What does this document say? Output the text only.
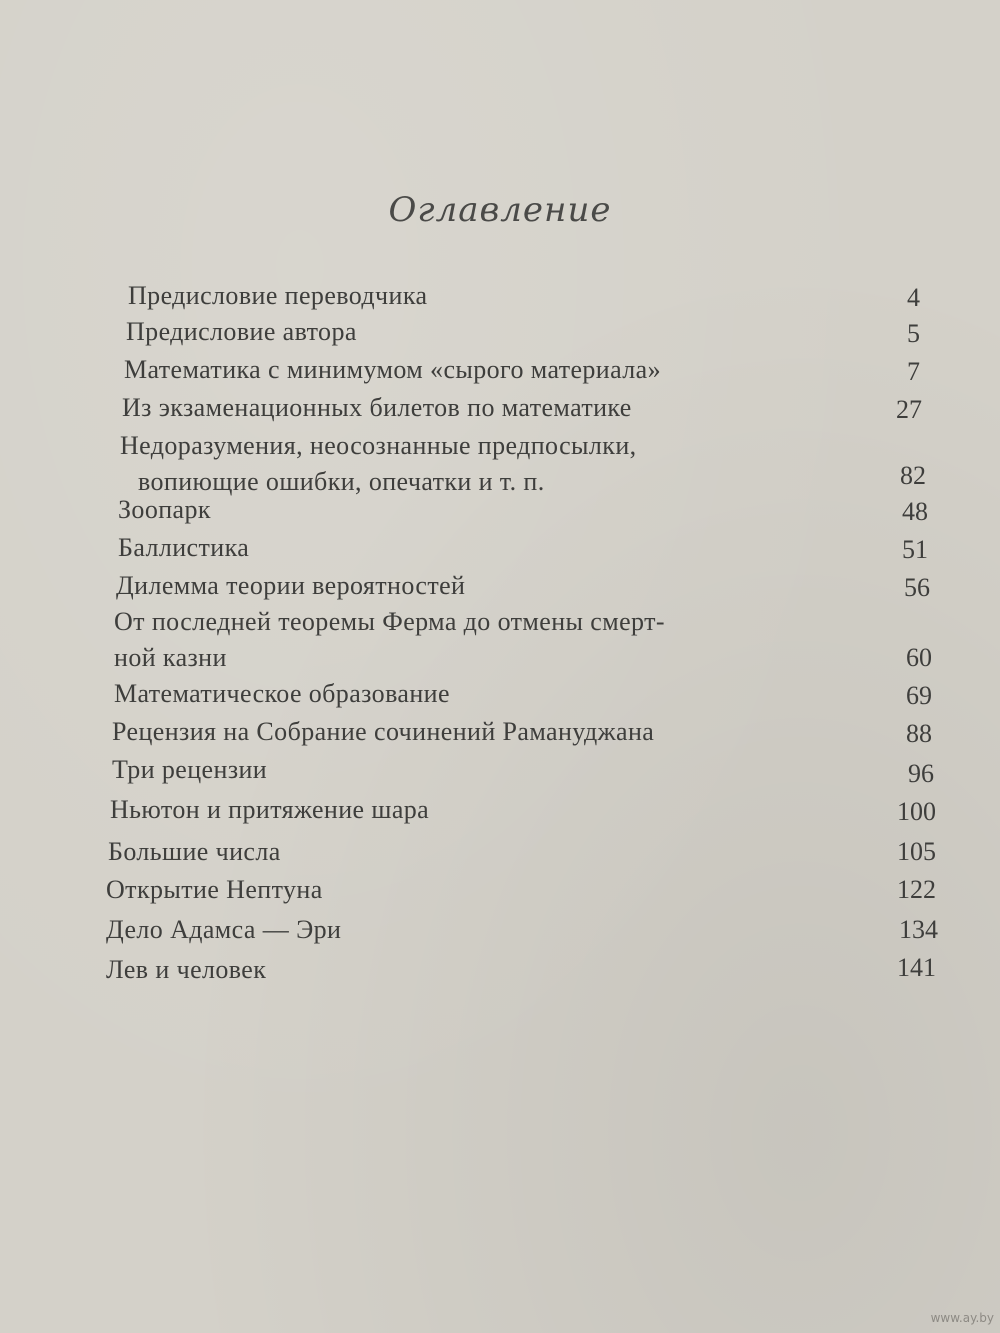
Оглавление
Предисловие переводчика	4
Предисловие автора	5
Математика с минимумом «сырого материала»	7
Из экзаменационных билетов по математике	27
Недоразумения, неосознанные предпосылки,
вопиющие ошибки, опечатки и т. п.	82
Зоопарк	48
Баллистика	51
Дилемма теории вероятностей	56
От последней теоремы Ферма до отмены смерт-
ной казни	60
Математическое образование	69
Рецензия на Собрание сочинений Рамануджана	88
Три рецензии	96
Ньютон и притяжение шара	100
Большие числа	105
Открытие Нептуна	122
Дело Адамса — Эри	134
Лев и человек	141
www.ay.by
